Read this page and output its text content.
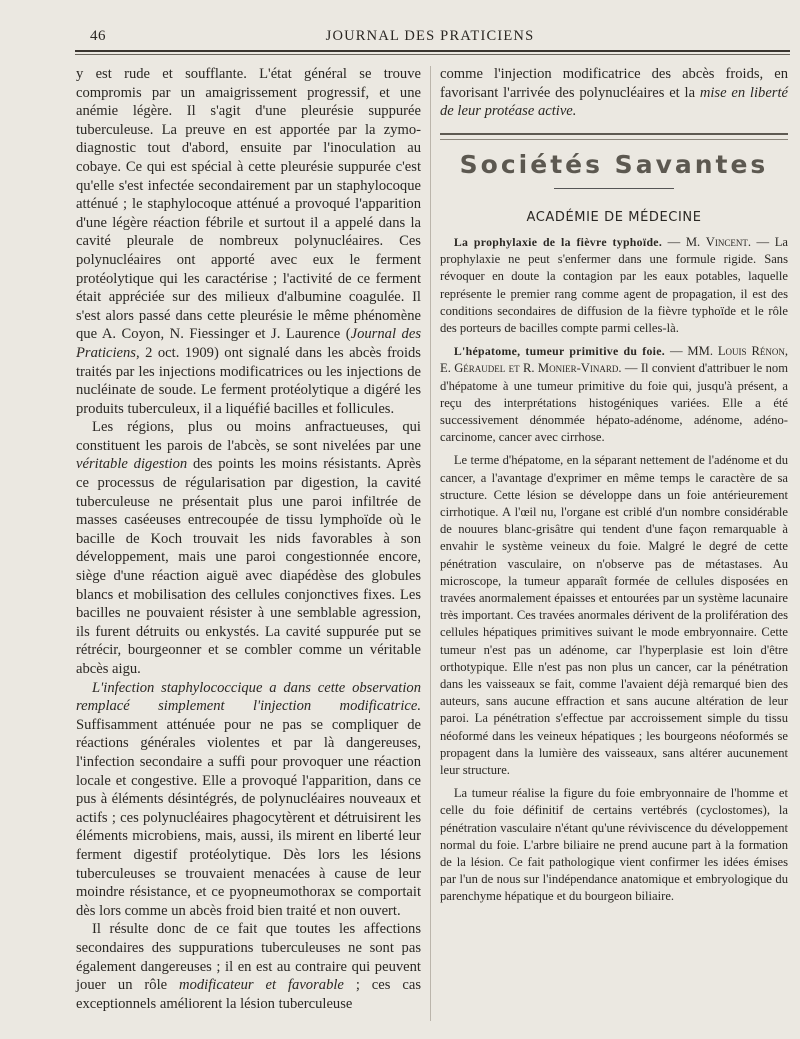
46	JOURNAL DES PRATICIENS

y est rude et soufflante. L'état général se trouve compromis par un amaigrissement progressif, et une anémie légère. Il s'agit d'une pleurésie suppurée tuberculeuse. La preuve en est apportée par la zymo-diagnostic tout d'abord, ensuite par l'inoculation au cobaye. Ce qui est spécial à cette pleurésie suppurée c'est qu'elle s'est infectée secondairement par un staphylocoque atténué ; le staphylocoque atténué a provoqué l'apparition d'une légère réaction fébrile et surtout il a appelé dans la cavité pleurale de nombreux polynucléaires. Ces polynucléaires ont apporté avec eux le ferment protéolytique qui les caractérise ; l'activité de ce ferment était appréciée sur des milieux d'albumine coagulée. Il s'est alors passé dans cette pleurésie le même phénomène que A. Coyon, N. Fiessinger et J. Laurence (Journal des Praticiens, 2 oct. 1909) ont signalé dans les abcès froids traités par les injections modificatrices ou les injections de nucléinate de soude. Le ferment protéolytique a digéré les produits tuberculeux, il a liquéfié bacilles et follicules.

Les régions, plus ou moins anfractueuses, qui constituent les parois de l'abcès, se sont nivelées par une véritable digestion des points les moins résistants. Après ce processus de régularisation par digestion, la cavité tuberculeuse ne présentait plus une paroi infiltrée de masses caséeuses entrecoupée de tissu lymphoïde où le bacille de Koch trouvait les nids favorables à son développement, mais une paroi congestionnée encore, siège d'une réaction aiguë avec diapédèse des globules blancs et mobilisation des cellules conjonctives fixes. Les bacilles ne pouvaient résister à une semblable agression, ils furent détruits ou enkystés. La cavité suppurée put se rétrécir, bourgeonner et se combler comme un véritable abcès aigu.

L'infection staphylococcique a dans cette observation remplacé simplement l'injection modificatrice. Suffisamment atténuée pour ne pas se compliquer de réactions générales violentes et par là dangereuses, l'infection secondaire a suffi pour provoquer une réaction locale et congestive. Elle a provoqué l'apparition, dans ce pus à éléments désintégrés, de polynucléaires nouveaux et actifs ; ces polynucléaires phagocytèrent et détruisirent les éléments microbiens, mais, aussi, ils mirent en liberté leur ferment digestif protéolytique. Dès lors les lésions tuberculeuses se trouvaient menacées à cause de leur moindre résistance, et ce pyopneumothorax se comportait dès lors comme un abcès froid bien traité et non ouvert.

Il résulte donc de ce fait que toutes les affections secondaires des suppurations tuberculeuses ne sont pas également dangereuses ; il en est au contraire qui peuvent jouer un rôle modificateur et favorable ; ces cas exceptionnels améliorent la lésion tuberculeuse

comme l'injection modificatrice des abcès froids, en favorisant l'arrivée des polynucléaires et la mise en liberté de leur protéase active.

Sociétés Savantes
ACADÉMIE DE MÉDECINE

La prophylaxie de la fièvre typhoïde. — M. Vincent. — La prophylaxie ne peut s'enfermer dans une formule rigide. Sans révoquer en doute la contagion par les eaux potables, laquelle représente le premier rang comme agent de propagation, il est des conditions secondaires de diffusion de la fièvre typhoïde et le rôle des porteurs de bacilles compte parmi celles-là.

L'hépatome, tumeur primitive du foie. — MM. Louis Rénon, E. Géraudel et R. Monier-Vinard. — Il convient d'attribuer le nom d'hépatome à une tumeur primitive du foie qui, jusqu'à présent, a reçu des interprétations histogéniques variées. Elle a été successivement dénommée hépato-adénome, adénome, adéno-carcinome, cancer avec cirrhose.

Le terme d'hépatome, en la séparant nettement de l'adénome et du cancer, a l'avantage d'exprimer en même temps le caractère de sa structure. Cette lésion se développe dans un foie antérieurement cirrhotique. A l'œil nu, l'organe est criblé d'un nombre considérable de nouures blanc-grisâtre qui tendent d'une façon remarquable à envahir le système veineux du foie. Malgré le degré de cette pénétration vasculaire, on n'observe pas de métastases. Au microscope, la tumeur apparaît formée de cellules disposées en travées anormalement épaisses et entourées par un système lacunaire très important. Ces travées anormales dérivent de la prolifération des cellules hépatiques primitives suivant le mode embryonnaire. Cette tumeur n'est pas un adénome, car l'hyperplasie est loin d'être orthotypique. Elle n'est pas non plus un cancer, car la pénétration dans les vaisseaux se fait, comme l'avaient déjà remarqué bien des auteurs, sans aucune effraction et sans aucune altération de leur paroi. La pénétration s'effectue par accroissement simple du tissu néoformé dans les veineux hépatiques ; les bourgeons néoformés se propagent dans la lumière des vaisseaux, sans altérer aucunement leur structure.

La tumeur réalise la figure du foie embryonnaire de l'homme et celle du foie définitif de certains vertébrés (cyclostomes), la pénétration vasculaire n'étant qu'une réviviscence du développement normal du foie. L'arbre biliaire ne prend aucune part à la formation de la lésion. Ce fait pathologique vient confirmer les idées émises par l'un de nous sur l'indépendance anatomique et embryologique du parenchyme hépatique et du bourgeon biliaire.
